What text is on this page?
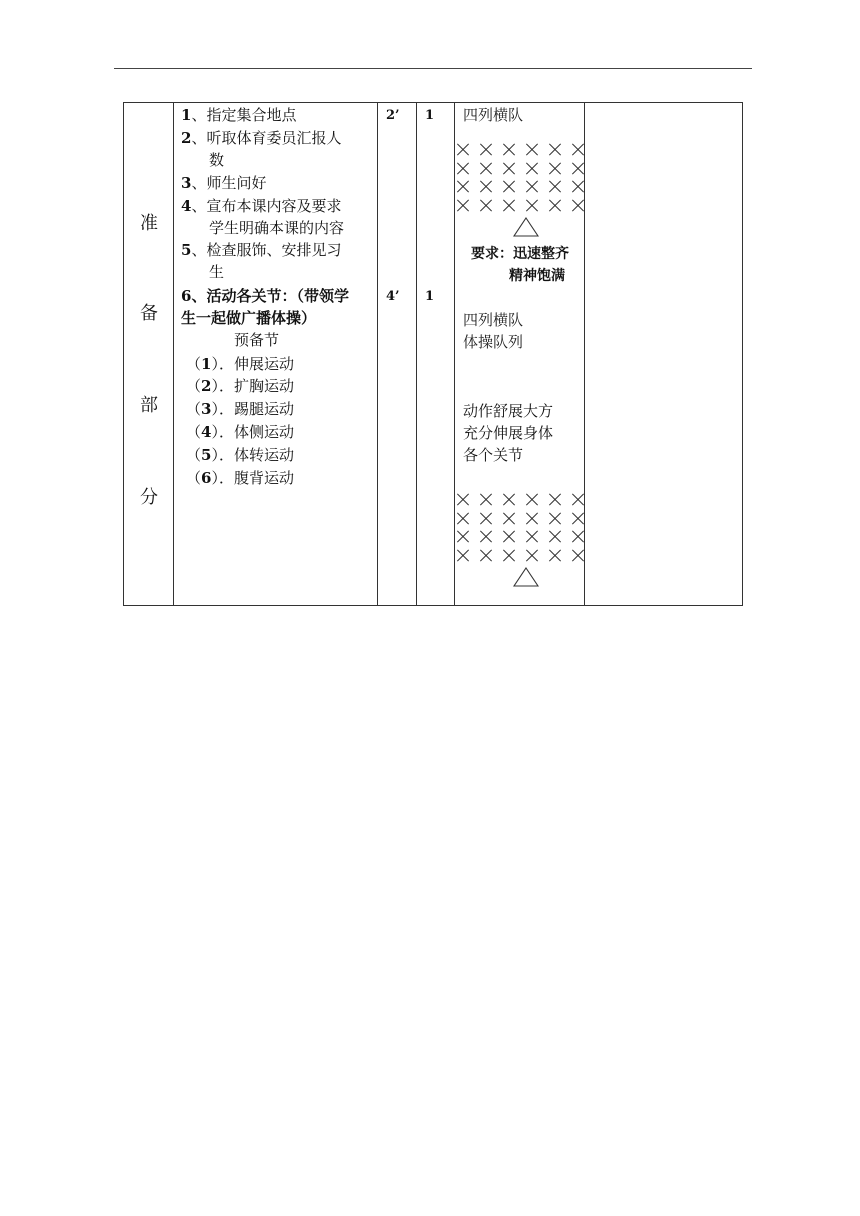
准
备
部
分
1、指定集合地点
2、听取体育委员汇报人
数
3、师生问好
4、宣布本课内容及要求
学生明确本课的内容
5、检查服饰、安排见习
生
6、活动各关节：（带领学
生一起做广播体操）
预备节
（1）．伸展运动
（2）．扩胸运动
（3）．踢腿运动
（4）．体侧运动
（5）．体转运动
（6）．腹背运动
2’
4’
1
1
四列横队
要求：迅速整齐
精神饱满
四列横队
体操队列
动作舒展大方
充分伸展身体
各个关节
